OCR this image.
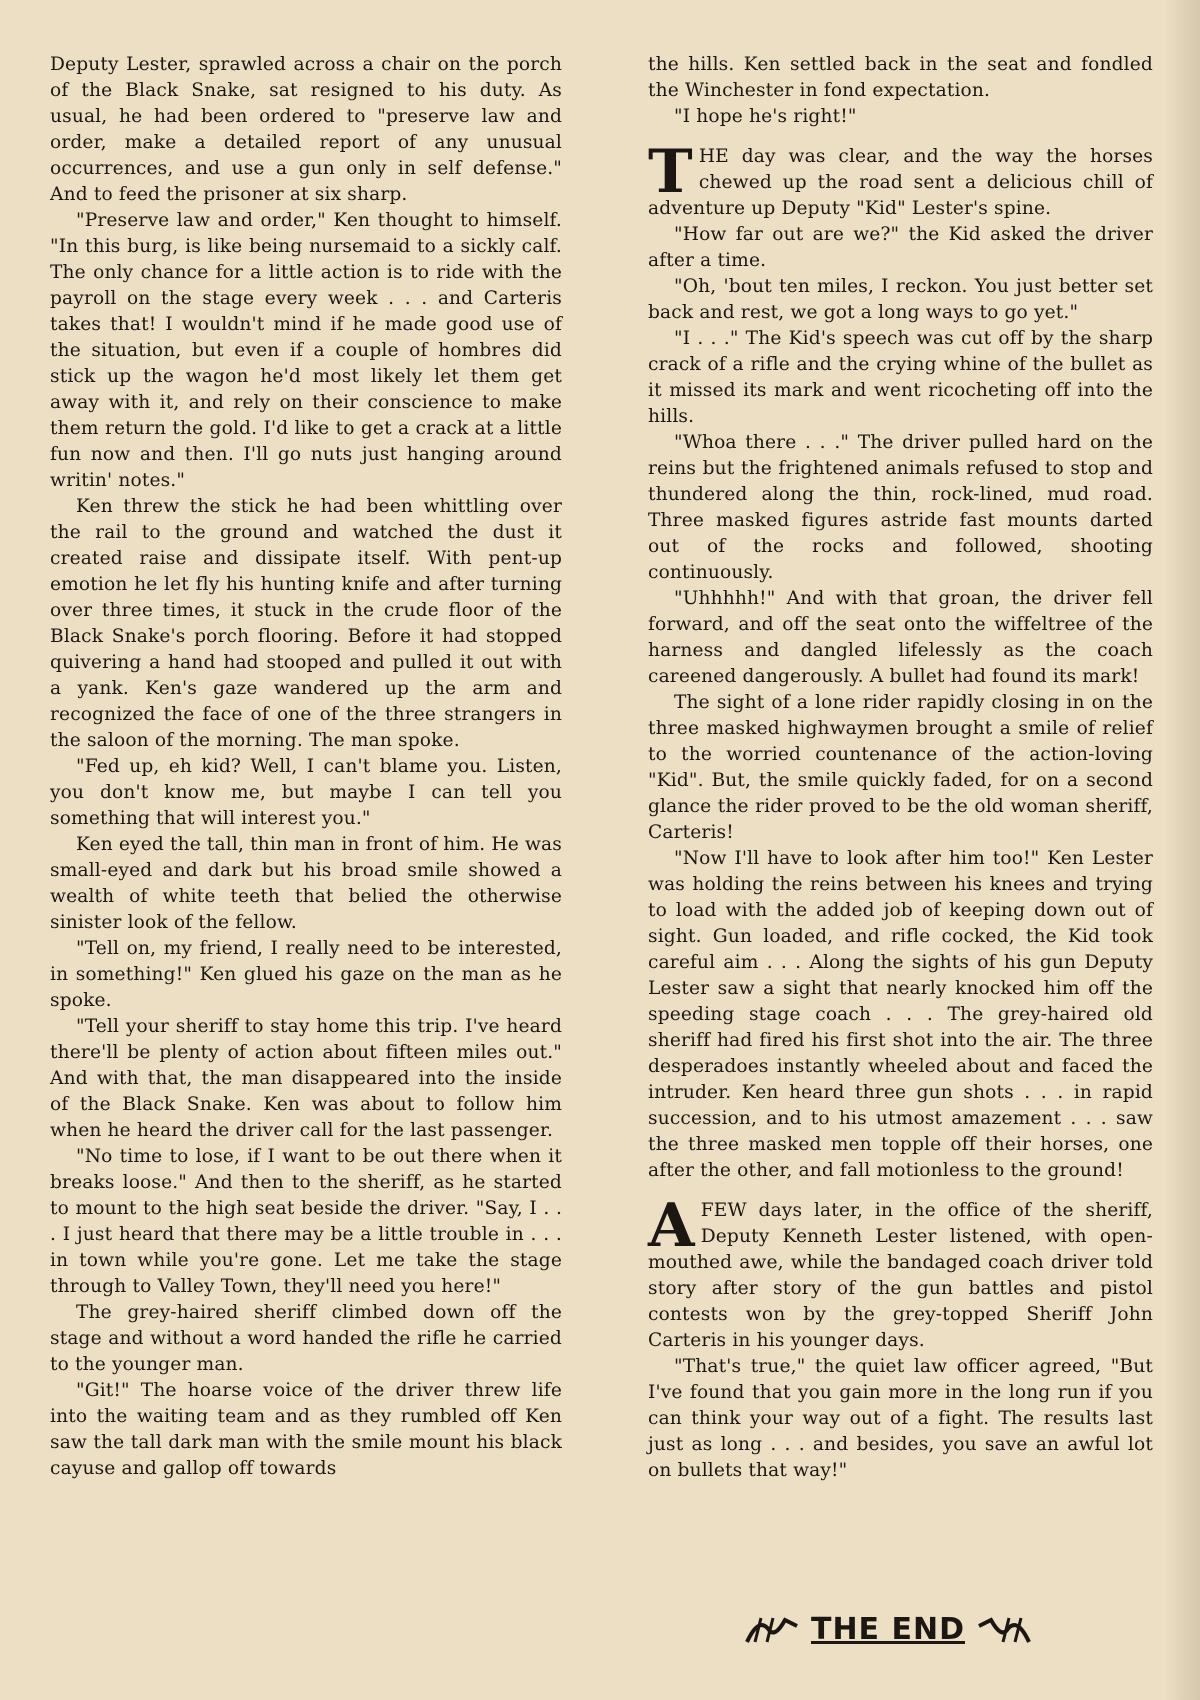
Deputy Lester, sprawled across a chair on the porch of the Black Snake, sat resigned to his duty. As usual, he had been ordered to "preserve law and order, make a detailed report of any unusual occurrences, and use a gun only in self defense." And to feed the prisoner at six sharp.

"Preserve law and order," Ken thought to himself. "In this burg, is like being nursemaid to a sickly calf. The only chance for a little action is to ride with the payroll on the stage every week . . . and Carteris takes that! I wouldn't mind if he made good use of the situation, but even if a couple of hombres did stick up the wagon he'd most likely let them get away with it, and rely on their conscience to make them return the gold. I'd like to get a crack at a little fun now and then. I'll go nuts just hanging around writin' notes."

Ken threw the stick he had been whittling over the rail to the ground and watched the dust it created raise and dissipate itself. With pent-up emotion he let fly his hunting knife and after turning over three times, it stuck in the crude floor of the Black Snake's porch flooring. Before it had stopped quivering a hand had stooped and pulled it out with a yank. Ken's gaze wandered up the arm and recognized the face of one of the three strangers in the saloon of the morning. The man spoke.

"Fed up, eh kid? Well, I can't blame you. Listen, you don't know me, but maybe I can tell you something that will interest you."

Ken eyed the tall, thin man in front of him. He was small-eyed and dark but his broad smile showed a wealth of white teeth that belied the otherwise sinister look of the fellow.

"Tell on, my friend, I really need to be interested, in something!" Ken glued his gaze on the man as he spoke.

"Tell your sheriff to stay home this trip. I've heard there'll be plenty of action about fifteen miles out." And with that, the man disappeared into the inside of the Black Snake. Ken was about to follow him when he heard the driver call for the last passenger.

"No time to lose, if I want to be out there when it breaks loose." And then to the sheriff, as he started to mount to the high seat beside the driver. "Say, I . . . I just heard that there may be a little trouble in . . . in town while you're gone. Let me take the stage through to Valley Town, they'll need you here!"

The grey-haired sheriff climbed down off the stage and without a word handed the rifle he carried to the younger man.

"Git!" The hoarse voice of the driver threw life into the waiting team and as they rumbled off Ken saw the tall dark man with the smile mount his black cayuse and gallop off towards

the hills. Ken settled back in the seat and fondled the Winchester in fond expectation.

"I hope he's right!"

THE day was clear, and the way the horses chewed up the road sent a delicious chill of adventure up Deputy "Kid" Lester's spine.

"How far out are we?" the Kid asked the driver after a time.

"Oh, 'bout ten miles, I reckon. You just better set back and rest, we got a long ways to go yet."

"I . . ." The Kid's speech was cut off by the sharp crack of a rifle and the crying whine of the bullet as it missed its mark and went ricocheting off into the hills.

"Whoa there . . ." The driver pulled hard on the reins but the frightened animals refused to stop and thundered along the thin, rock-lined, mud road. Three masked figures astride fast mounts darted out of the rocks and followed, shooting continuously.

"Uhhhhh!" And with that groan, the driver fell forward, and off the seat onto the wiffeltree of the harness and dangled lifelessly as the coach careened dangerously. A bullet had found its mark!

The sight of a lone rider rapidly closing in on the three masked highwaymen brought a smile of relief to the worried countenance of the action-loving "Kid". But, the smile quickly faded, for on a second glance the rider proved to be the old woman sheriff, Carteris!

"Now I'll have to look after him too!" Ken Lester was holding the reins between his knees and trying to load with the added job of keeping down out of sight. Gun loaded, and rifle cocked, the Kid took careful aim . . . Along the sights of his gun Deputy Lester saw a sight that nearly knocked him off the speeding stage coach . . . The grey-haired old sheriff had fired his first shot into the air. The three desperadoes instantly wheeled about and faced the intruder. Ken heard three gun shots . . . in rapid succession, and to his utmost amazement . . . saw the three masked men topple off their horses, one after the other, and fall motionless to the ground!

AFEW days later, in the office of the sheriff, Deputy Kenneth Lester listened, with open-mouthed awe, while the bandaged coach driver told story after story of the gun battles and pistol contests won by the grey-topped Sheriff John Carteris in his younger days.

"That's true," the quiet law officer agreed, "But I've found that you gain more in the long run if you can think your way out of a fight. The results last just as long . . . and besides, you save an awful lot on bullets that way!"

THE END
